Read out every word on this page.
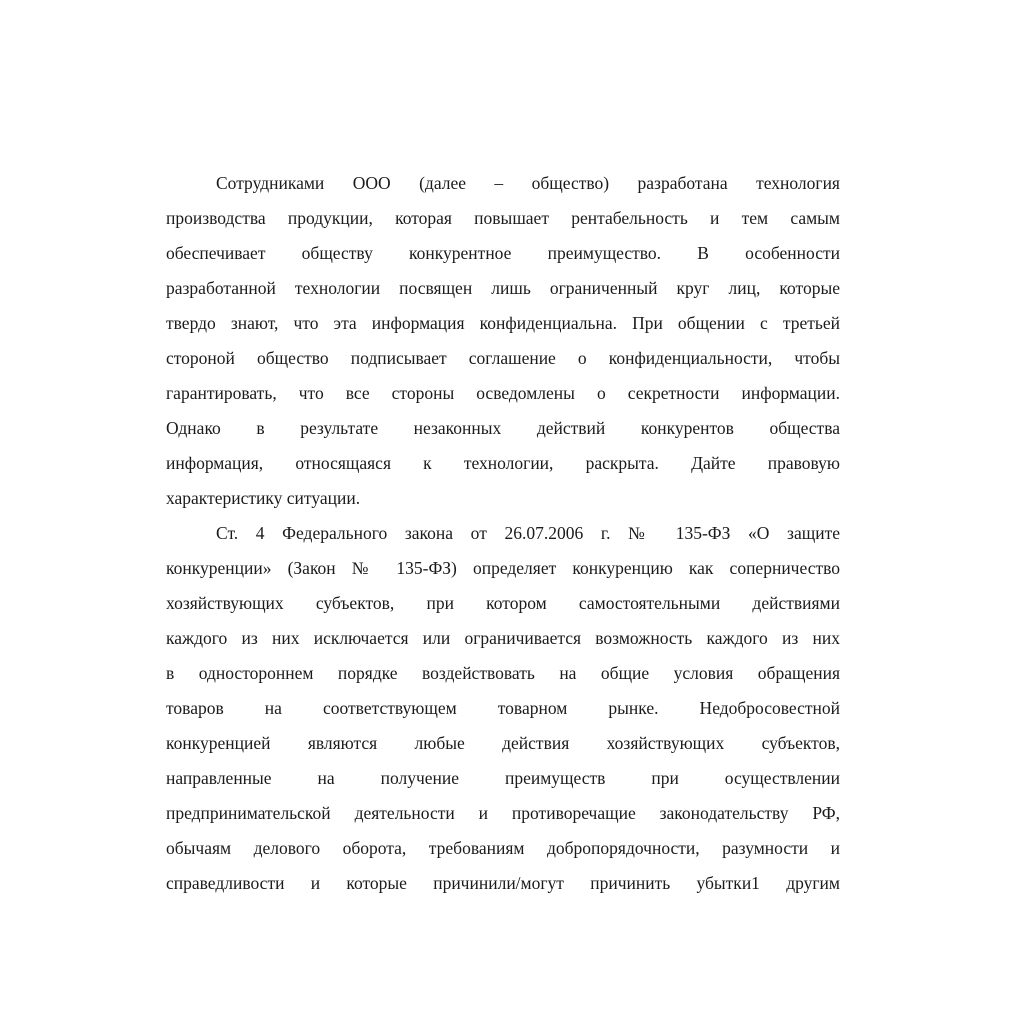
Сотрудниками ООО (далее – общество) разработана технология
производства продукции, которая повышает рентабельность и тем самым
обеспечивает обществу конкурентное преимущество. В особенности
разработанной технологии посвящен лишь ограниченный круг лиц, которые
твердо знают, что эта информация конфиденциальна. При общении с третьей
стороной общество подписывает соглашение о конфиденциальности, чтобы
гарантировать, что все стороны осведомлены о секретности информации.
Однако в результате незаконных действий конкурентов общества
информация, относящаяся к технологии, раскрыта. Дайте правовую
характеристику ситуации.
Ст. 4 Федерального закона от 26.07.2006 г. № 135-ФЗ «О защите
конкуренции» (Закон № 135-ФЗ) определяет конкуренцию как соперничество
хозяйствующих субъектов, при котором самостоятельными действиями
каждого из них исключается или ограничивается возможность каждого из них
в одностороннем порядке воздействовать на общие условия обращения
товаров на соответствующем товарном рынке. Недобросовестной
конкуренцией являются любые действия хозяйствующих субъектов,
направленные на получение преимуществ при осуществлении
предпринимательской деятельности и противоречащие законодательству РФ,
обычаям делового оборота, требованиям добропорядочности, разумности и
справедливости и которые причинили/могут причинить убытки1 другим
